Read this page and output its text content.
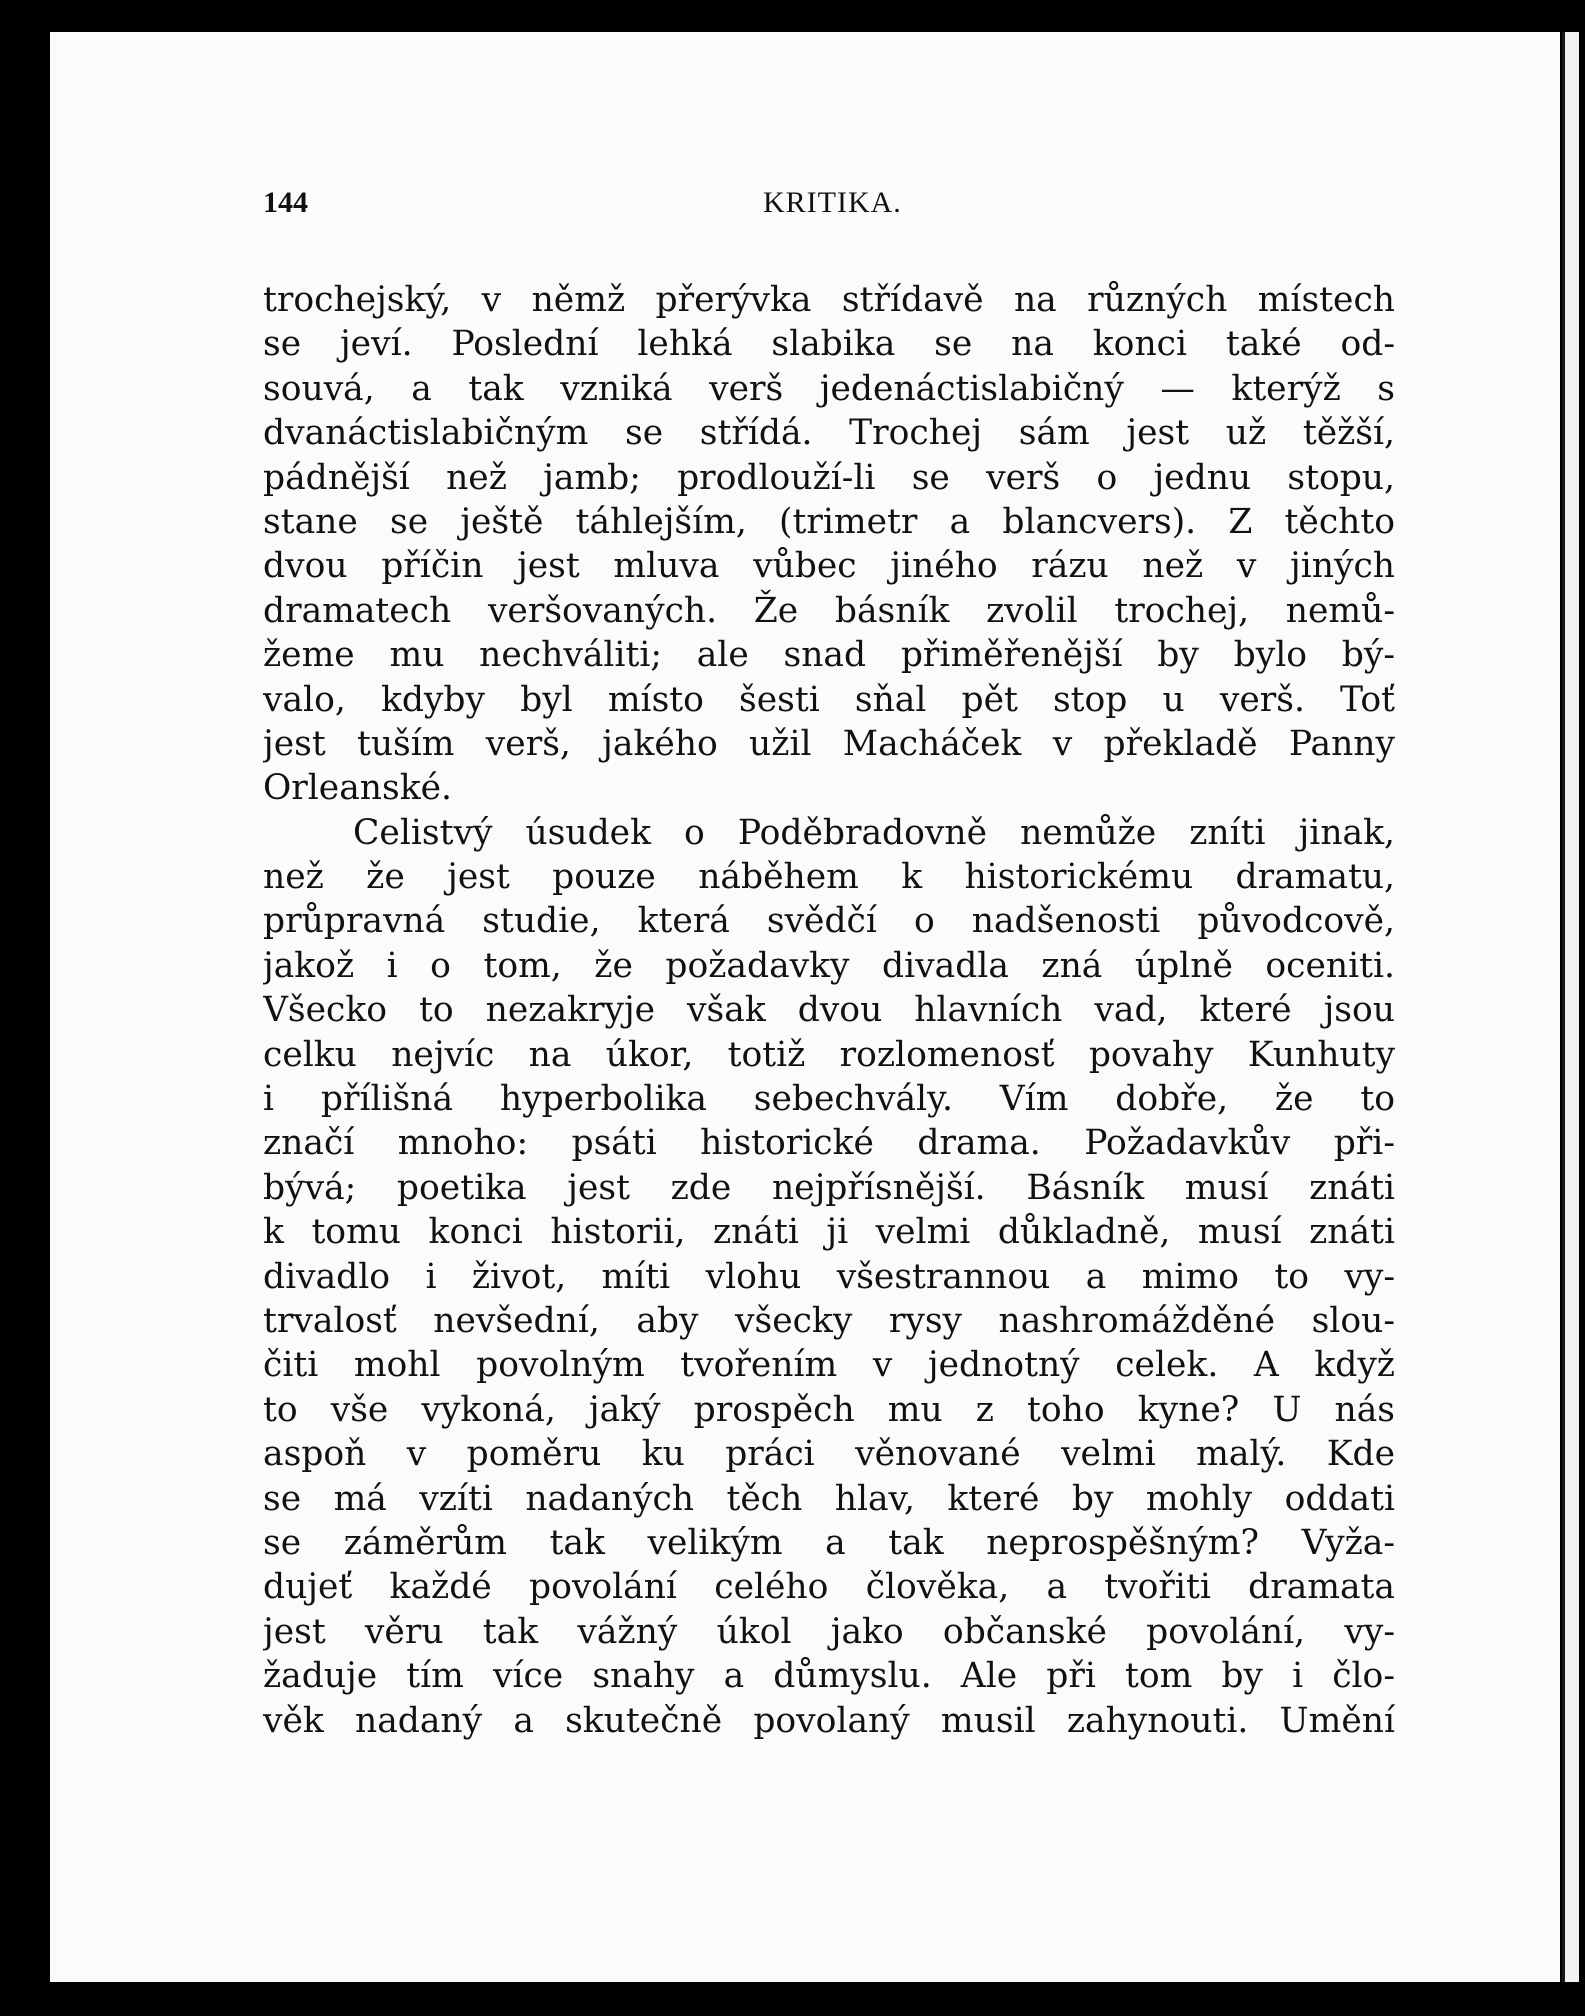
144	KRITIKA.
trochejský, v němž přerývka střídavě na různých místech
se jeví. Poslední lehká slabika se na konci také od-
souvá, a tak vzniká verš jedenáctislabičný — kterýž s
dvanáctislabičným se střídá. Trochej sám jest už těžší,
pádnější než jamb; prodlouží-li se verš o jednu stopu,
stane se ještě táhlejším, (trimetr a blancvers). Z těchto
dvou příčin jest mluva vůbec jiného rázu než v jiných
dramatech veršovaných. Že básník zvolil trochej, nemů-
žeme mu nechváliti; ale snad přiměřenější by bylo bý-
valo, kdyby byl místo šesti sňal pět stop u verš. Toť
jest tuším verš, jakého užil Macháček v překladě Panny
Orleanské.
Celistvý úsudek o Poděbradovně nemůže zníti jinak,
než že jest pouze náběhem k historickému dramatu,
průpravná studie, která svědčí o nadšenosti původcově,
jakož i o tom, že požadavky divadla zná úplně oceniti.
Všecko to nezakryje však dvou hlavních vad, které jsou
celku nejvíc na úkor, totiž rozlomenosť povahy Kunhuty
i přílišná hyperbolika sebechvály. Vím dobře, že to
značí mnoho: psáti historické drama. Požadavkův při-
bývá; poetika jest zde nejpřísnější. Básník musí znáti
k tomu konci historii, znáti ji velmi důkladně, musí znáti
divadlo i život, míti vlohu všestrannou a mimo to vy-
trvalosť nevšední, aby všecky rysy nashromážděné slou-
čiti mohl povolným tvořením v jednotný celek. A když
to vše vykoná, jaký prospěch mu z toho kyne? U nás
aspoň v poměru ku práci věnované velmi malý. Kde
se má vzíti nadaných těch hlav, které by mohly oddati
se záměrům tak velikým a tak neprospěšným? Vyža-
dujeť každé povolání celého člověka, a tvořiti dramata
jest věru tak vážný úkol jako občanské povolání, vy-
žaduje tím více snahy a důmyslu. Ale při tom by i člo-
věk nadaný a skutečně povolaný musil zahynouti. Umění
